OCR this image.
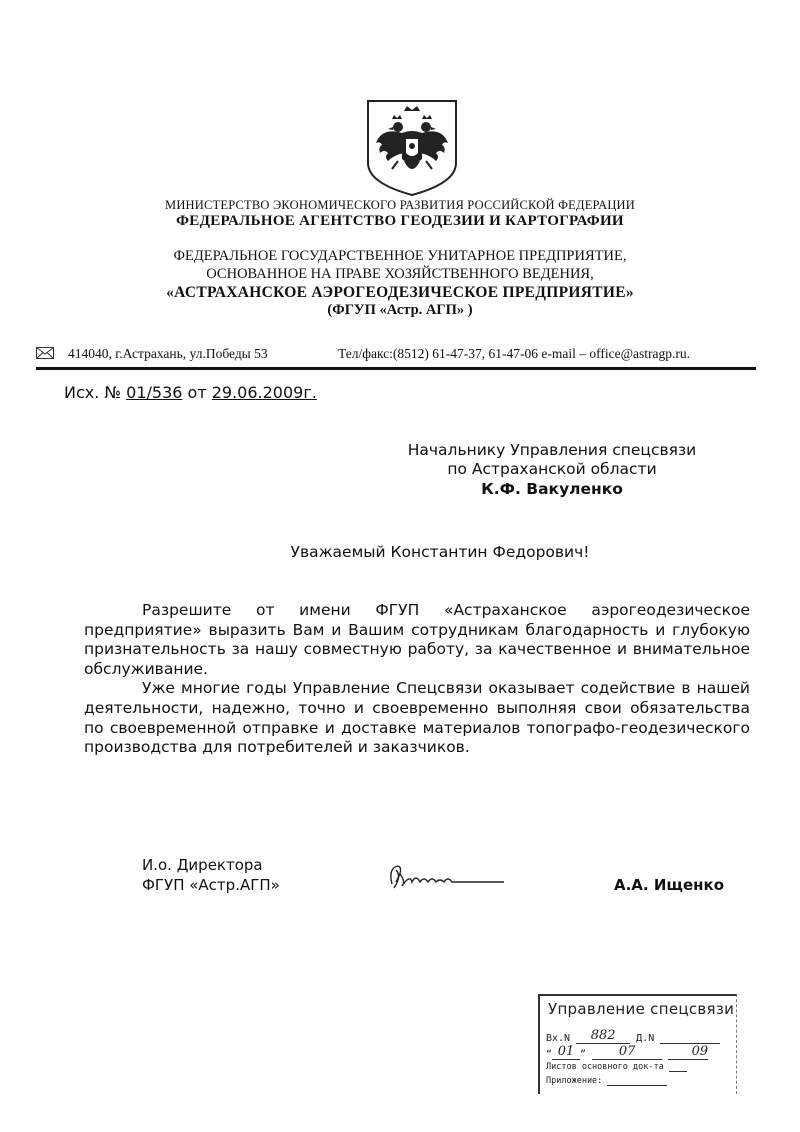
МИНИСТЕРСТВО ЭКОНОМИЧЕСКОГО РАЗВИТИЯ РОССИЙСКОЙ ФЕДЕРАЦИИ
ФЕДЕРАЛЬНОЕ АГЕНТСТВО ГЕОДЕЗИИ И КАРТОГРАФИИ
ФЕДЕРАЛЬНОЕ ГОСУДАРСТВЕННОЕ УНИТАРНОЕ ПРЕДПРИЯТИЕ,
ОСНОВАННОЕ НА ПРАВЕ ХОЗЯЙСТВЕННОГО ВЕДЕНИЯ,
«АСТРАХАНСКОЕ АЭРОГЕОДЕЗИЧЕСКОЕ ПРЕДПРИЯТИЕ»
(ФГУП «Астр. АГП» )
414040, г.Астрахань, ул.Победы 53	Тел/факс:(8512) 61-47-37, 61-47-06 e-mail – office@astragp.ru.
Исх. № 01/536 от 29.06.2009г.
Начальнику Управления спецсвязи
по Астраханской области
К.Ф. Вакуленко
Уважаемый Константин Федорович!

Разрешите от имени ФГУП «Астраханское аэрогеодезическое предприятие» выразить Вам и Вашим сотрудникам благодарность и глубокую признательность за нашу совместную работу, за качественное и внимательное обслуживание.

Уже многие годы Управление Спецсвязи оказывает содействие в нашей деятельности, надежно, точно и своевременно выполняя свои обязательства по своевременной отправке и доставке материалов топографо-геодезического производства для потребителей и заказчиков.

И.о. Директора
ФГУП «Астр.АГП»	А.А. Ищенко
Управление спецсвязи
Вх.N 882 Д.N
“ 01 ”	07	09
Листов основного док-та
Приложение:
